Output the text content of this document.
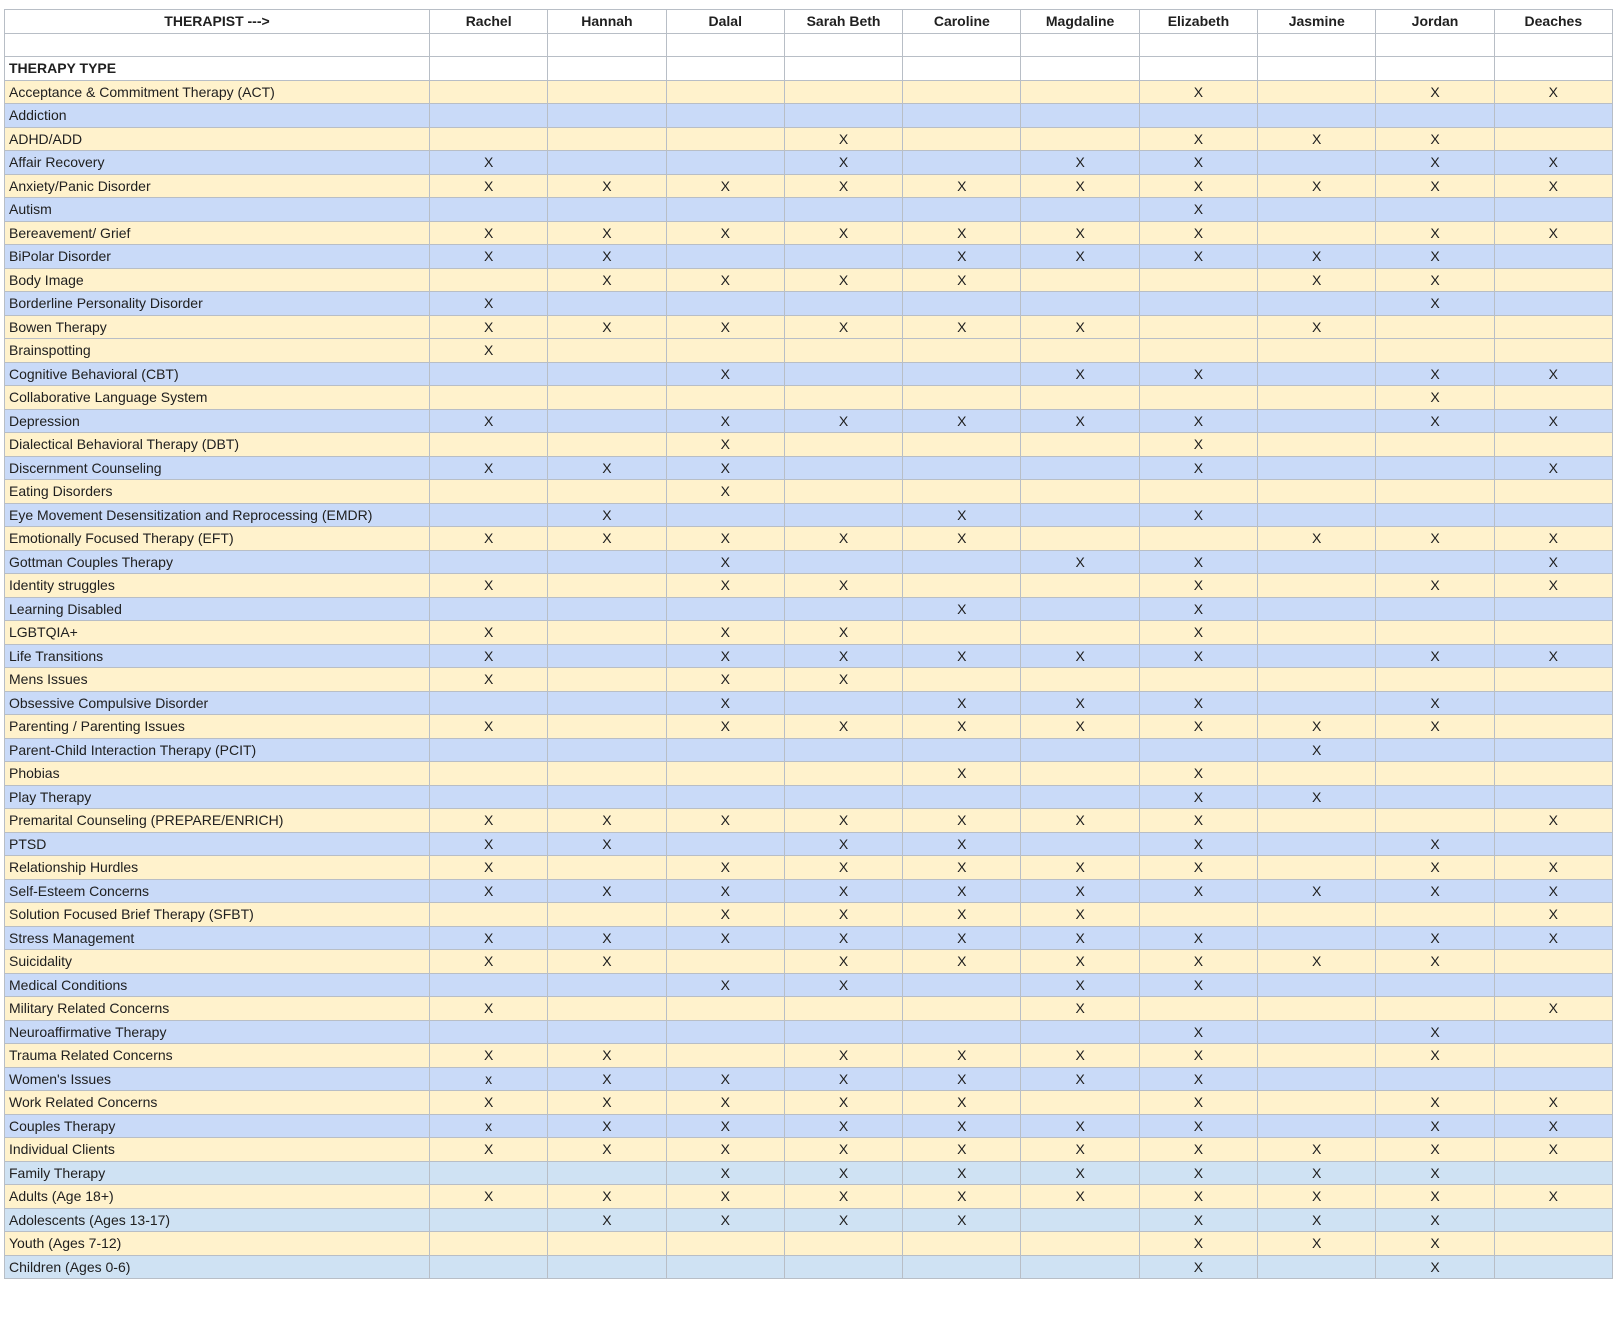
THERAPIST --->	Rachel	Hannah	Dalal	Sarah Beth	Caroline	Magdaline	Elizabeth	Jasmine	Jordan	Deaches

THERAPY TYPE										
Acceptance & Commitment Therapy (ACT)							X		X	X
Addiction										
ADHD/ADD				X			X	X	X	
Affair Recovery	X			X		X	X		X	X
Anxiety/Panic Disorder	X	X	X	X	X	X	X	X	X	X
Autism							X			
Bereavement/ Grief	X	X	X	X	X	X	X		X	X
BiPolar Disorder	X	X			X	X	X	X	X	
Body Image		X	X	X	X			X	X	
Borderline Personality Disorder	X								X	
Bowen Therapy	X	X	X	X	X	X		X		
Brainspotting	X									
Cognitive Behavioral (CBT)			X			X	X		X	X
Collaborative Language System									X	
Depression	X		X	X	X	X	X		X	X
Dialectical Behavioral Therapy (DBT)			X				X			
Discernment Counseling	X	X	X				X			X
Eating Disorders			X							
Eye Movement Desensitization and Reprocessing (EMDR)		X			X		X			
Emotionally Focused Therapy (EFT)	X	X	X	X	X			X	X	X
Gottman Couples Therapy			X			X	X			X
Identity struggles	X		X	X			X		X	X
Learning Disabled					X		X			
LGBTQIA+	X		X	X			X			
Life Transitions	X		X	X	X	X	X		X	X
Mens Issues	X		X	X						
Obsessive Compulsive Disorder			X		X	X	X		X	
Parenting / Parenting Issues	X		X	X	X	X	X	X	X	
Parent-Child Interaction Therapy (PCIT)								X		
Phobias					X		X			
Play Therapy							X	X		
Premarital Counseling (PREPARE/ENRICH)	X	X	X	X	X	X	X			X
PTSD	X	X		X	X		X		X	
Relationship Hurdles	X		X	X	X	X	X		X	X
Self-Esteem Concerns	X	X	X	X	X	X	X	X	X	X
Solution Focused Brief Therapy (SFBT)			X	X	X	X				X
Stress Management	X	X	X	X	X	X	X		X	X
Suicidality	X	X		X	X	X	X	X	X	
Medical Conditions			X	X		X	X			
Military Related Concerns	X					X				X
Neuroaffirmative Therapy							X		X	
Trauma Related Concerns	X	X		X	X	X	X		X	
Women's Issues	x	X	X	X	X	X	X			
Work Related Concerns	X	X	X	X	X		X		X	X
Couples Therapy	x	X	X	X	X	X	X		X	X
Individual Clients	X	X	X	X	X	X	X	X	X	X
Family Therapy			X	X	X	X	X	X	X	
Adults (Age 18+)	X	X	X	X	X	X	X	X	X	X
Adolescents (Ages 13-17)		X	X	X	X		X	X	X	
Youth (Ages 7-12)							X	X	X	
Children (Ages 0-6)							X		X	
